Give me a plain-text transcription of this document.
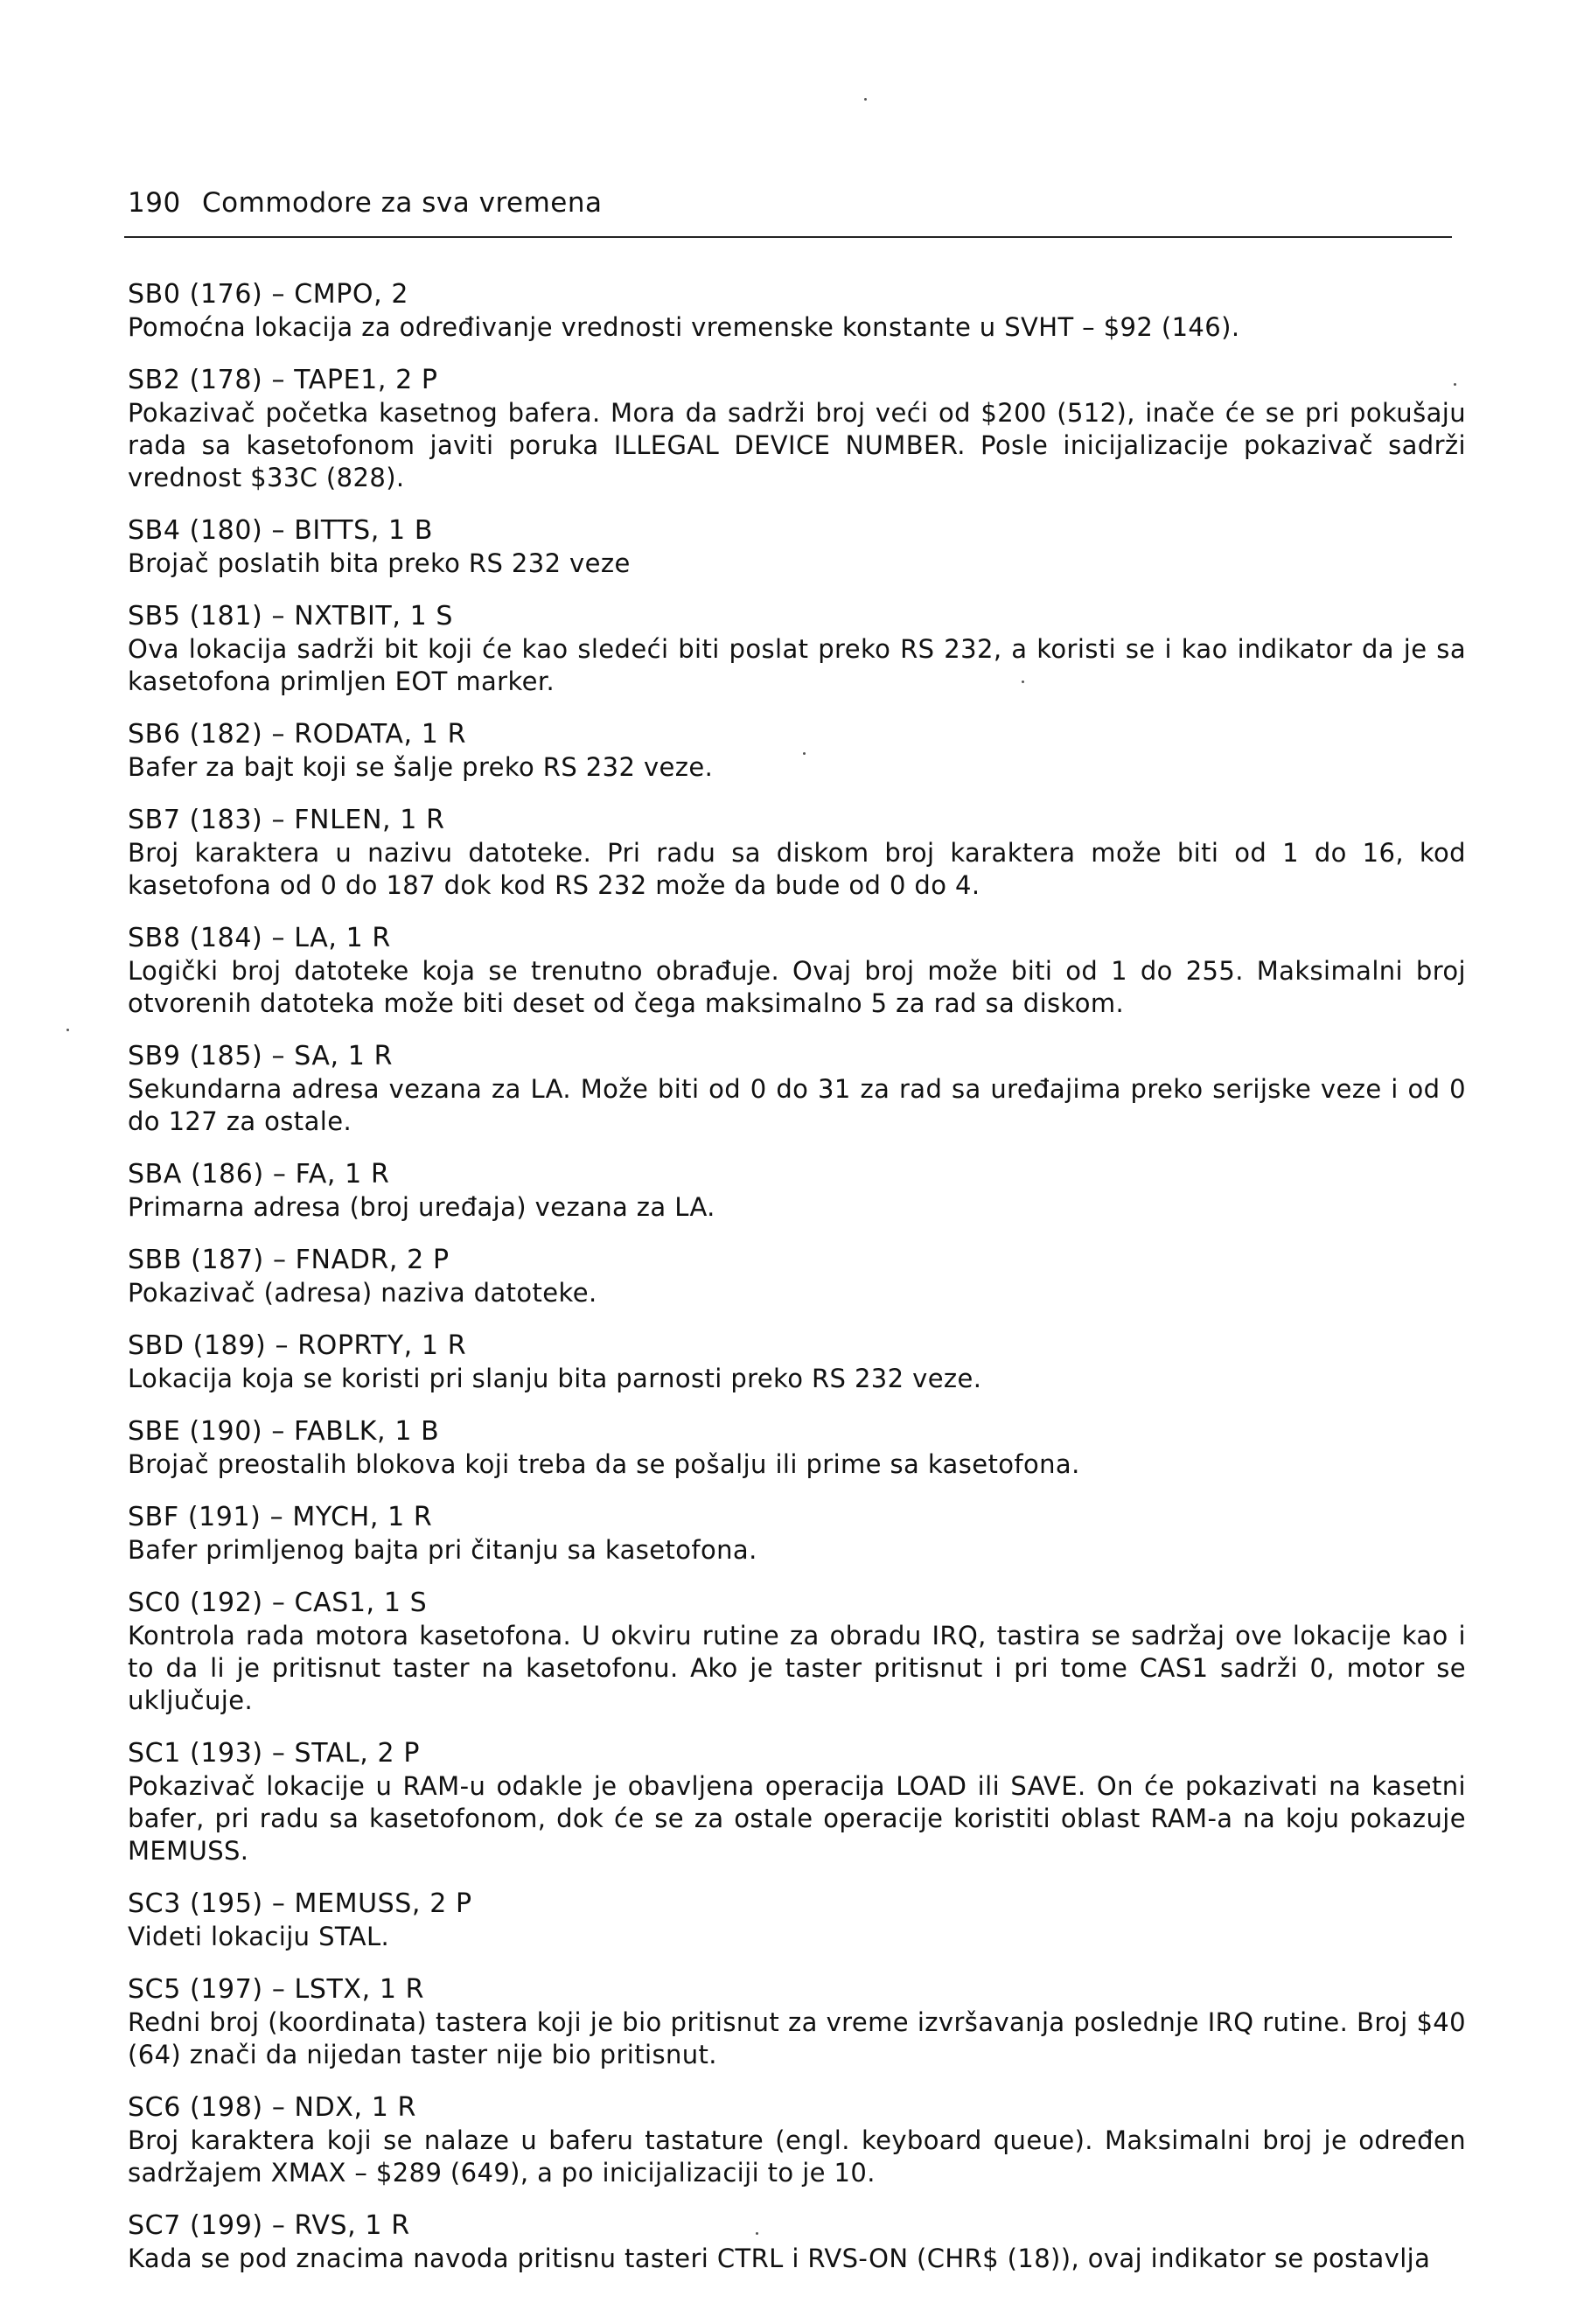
190 Commodore za sva vremena
SB0 (176) – CMPO, 2
Pomoćna lokacija za određivanje vrednosti vremenske konstante u SVHT – $92 (146).
SB2 (178) – TAPE1, 2 P
Pokazivač početka kasetnog bafera. Mora da sadrži broj veći od $200 (512), inače će se pri pokušaju rada sa kasetofonom javiti poruka ILLEGAL DEVICE NUMBER. Posle inicijalizacije pokazivač sadrži vrednost $33C (828).
SB4 (180) – BITTS, 1 B
Brojač poslatih bita preko RS 232 veze
SB5 (181) – NXTBIT, 1 S
Ova lokacija sadrži bit koji će kao sledeći biti poslat preko RS 232, a koristi se i kao indikator da je sa kasetofona primljen EOT marker.
SB6 (182) – RODATA, 1 R
Bafer za bajt koji se šalje preko RS 232 veze.
SB7 (183) – FNLEN, 1 R
Broj karaktera u nazivu datoteke. Pri radu sa diskom broj karaktera može biti od 1 do 16, kod kasetofona od 0 do 187 dok kod RS 232 može da bude od 0 do 4.
SB8 (184) – LA, 1 R
Logički broj datoteke koja se trenutno obrađuje. Ovaj broj može biti od 1 do 255. Maksimalni broj otvorenih datoteka može biti deset od čega maksimalno 5 za rad sa diskom.
SB9 (185) – SA, 1 R
Sekundarna adresa vezana za LA. Može biti od 0 do 31 za rad sa uređajima preko serijske veze i od 0 do 127 za ostale.
SBA (186) – FA, 1 R
Primarna adresa (broj uređaja) vezana za LA.
SBB (187) – FNADR, 2 P
Pokazivač (adresa) naziva datoteke.
SBD (189) – ROPRTY, 1 R
Lokacija koja se koristi pri slanju bita parnosti preko RS 232 veze.
SBE (190) – FABLK, 1 B
Brojač preostalih blokova koji treba da se pošalju ili prime sa kasetofona.
SBF (191) – MYCH, 1 R
Bafer primljenog bajta pri čitanju sa kasetofona.
SC0 (192) – CAS1, 1 S
Kontrola rada motora kasetofona. U okviru rutine za obradu IRQ, tastira se sadržaj ove lokacije kao i to da li je pritisnut taster na kasetofonu. Ako je taster pritisnut i pri tome CAS1 sadrži 0, motor se uključuje.
SC1 (193) – STAL, 2 P
Pokazivač lokacije u RAM-u odakle je obavljena operacija LOAD ili SAVE. On će pokazivati na kasetni bafer, pri radu sa kasetofonom, dok će se za ostale operacije koristiti oblast RAM-a na koju pokazuje MEMUSS.
SC3 (195) – MEMUSS, 2 P
Videti lokaciju STAL.
SC5 (197) – LSTX, 1 R
Redni broj (koordinata) tastera koji je bio pritisnut za vreme izvršavanja poslednje IRQ rutine. Broj $40 (64) znači da nijedan taster nije bio pritisnut.
SC6 (198) – NDX, 1 R
Broj karaktera koji se nalaze u baferu tastature (engl. keyboard queue). Maksimalni broj je određen sadržajem XMAX – $289 (649), a po inicijalizaciji to je 10.
SC7 (199) – RVS, 1 R
Kada se pod znacima navoda pritisnu tasteri CTRL i RVS-ON (CHR$ (18)), ovaj indikator se postavlja
